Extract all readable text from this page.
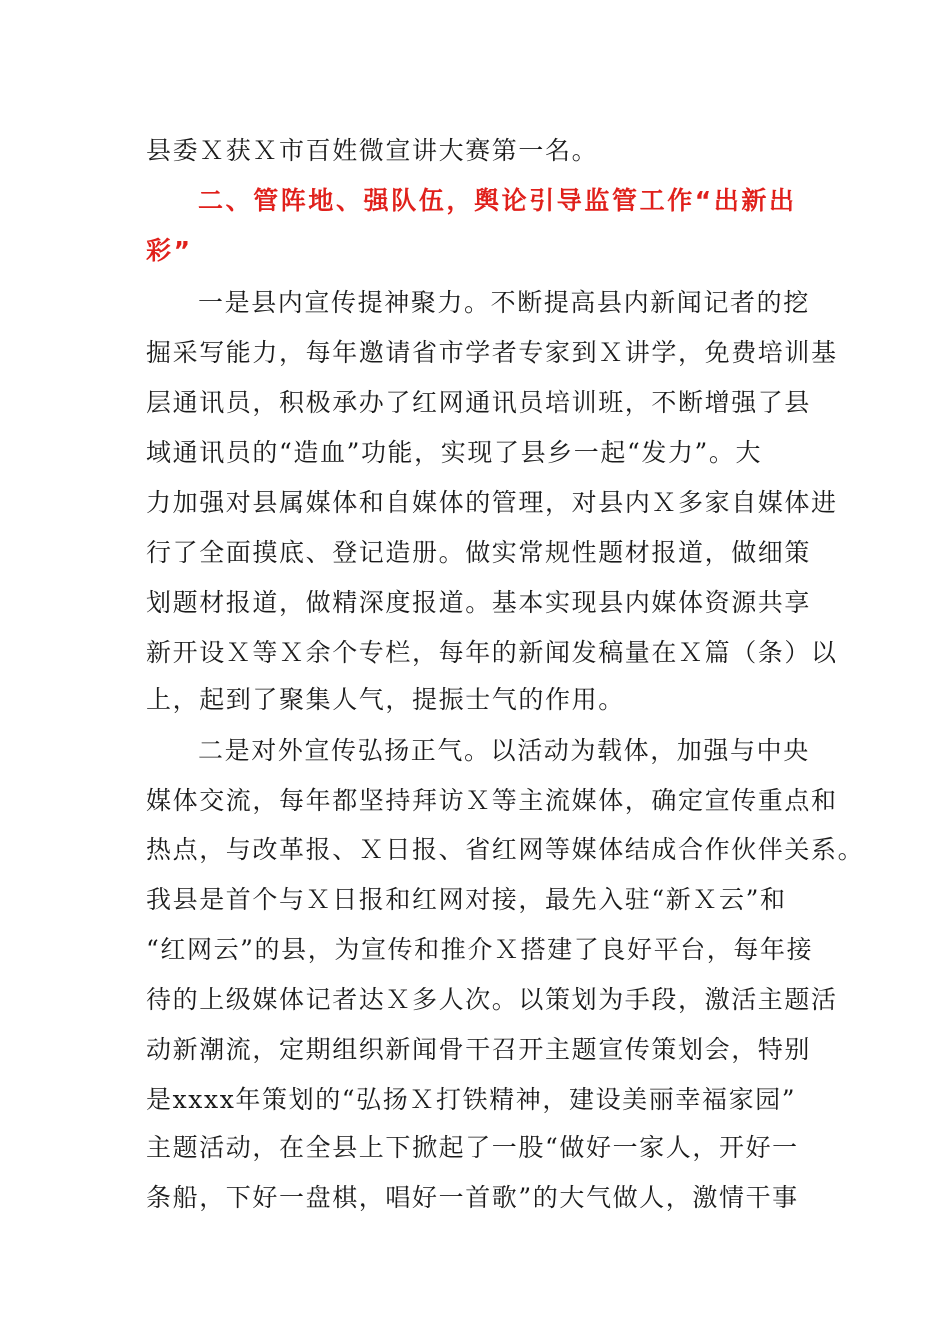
县委Ｘ获Ｘ市百姓微宣讲大赛第一名。
二、管阵地、强队伍，舆论引导监管工作“出新出
彩”
一是县内宣传提神聚力。不断提高县内新闻记者的挖
掘采写能力，每年邀请省市学者专家到Ｘ讲学，免费培训基
层通讯员，积极承办了红网通讯员培训班，不断增强了县
域通讯员的“造血”功能，实现了县乡一起“发力”。大
力加强对县属媒体和自媒体的管理，对县内Ｘ多家自媒体进
行了全面摸底、登记造册。做实常规性题材报道，做细策
划题材报道，做精深度报道。基本实现县内媒体资源共享
新开设Ｘ等Ｘ余个专栏，每年的新闻发稿量在Ｘ篇（条）以
上，起到了聚集人气，提振士气的作用。
二是对外宣传弘扬正气。以活动为载体，加强与中央
媒体交流，每年都坚持拜访Ｘ等主流媒体，确定宣传重点和
热点，与改革报、Ｘ日报、省红网等媒体结成合作伙伴关系。
我县是首个与Ｘ日报和红网对接，最先入驻“新Ｘ云”和
“红网云”的县，为宣传和推介Ｘ搭建了良好平台，每年接
待的上级媒体记者达Ｘ多人次。以策划为手段，激活主题活
动新潮流，定期组织新闻骨干召开主题宣传策划会，特别
是xxxx年策划的“弘扬Ｘ打铁精神，建设美丽幸福家园”
主题活动，在全县上下掀起了一股“做好一家人，开好一
条船，下好一盘棋，唱好一首歌”的大气做人，激情干事
